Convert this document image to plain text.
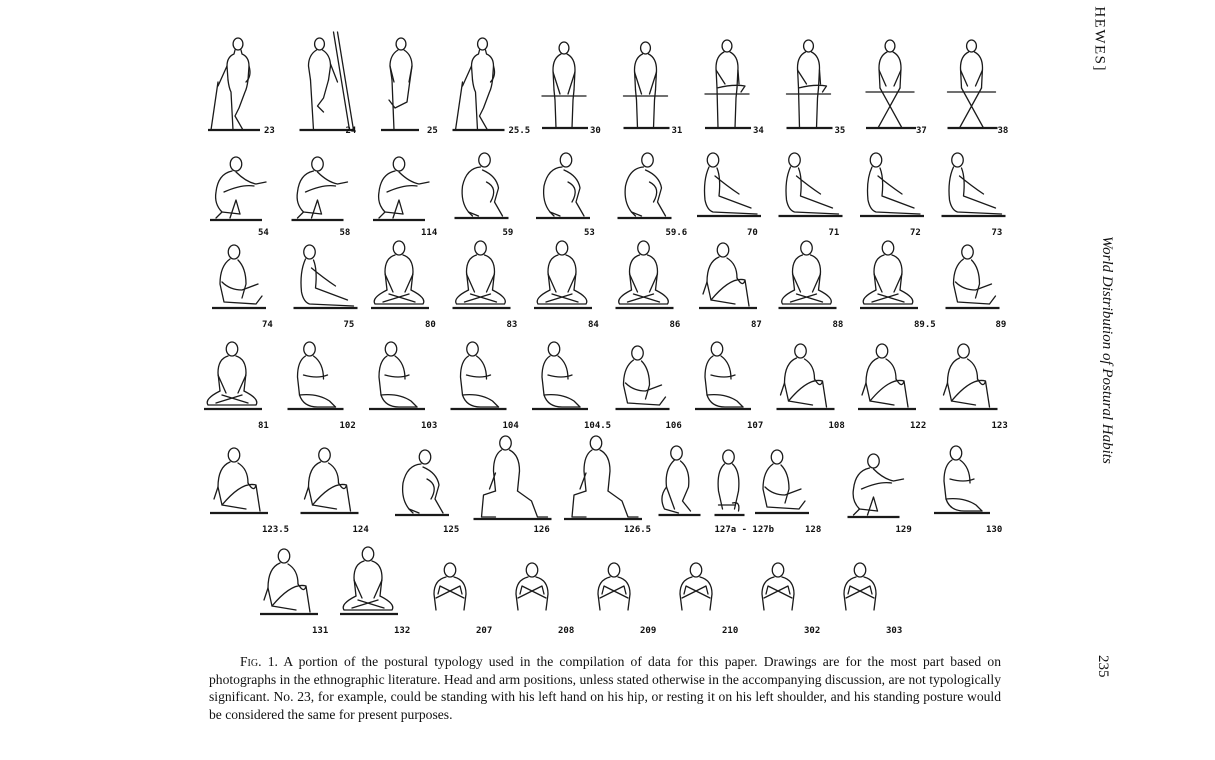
23	24	25	25.5	30	31	34	35	37	38
54	58	114	59	53	59.6	70	71	72	73
74	75	80	83	84	86	87	88	89.5	89
81	102	103	104	104.5	106	107	108	122	123
123.5	124	125	126	126.5	127a - 127b	128	129	130
131	132	207	208	209	210	302	303

HEWES]

World Distribution of Postural Habits
235

Fig. 1. A portion of the postural typology used in the compilation of data for this paper. Drawings are for the most part based on photographs in the ethnographic literature. Head and arm positions, unless stated otherwise in the accompanying discussion, are not typologically significant. No. 23, for example, could be standing with his left hand on his hip, or resting it on his left shoulder, and his standing posture would be considered the same for present purposes.
